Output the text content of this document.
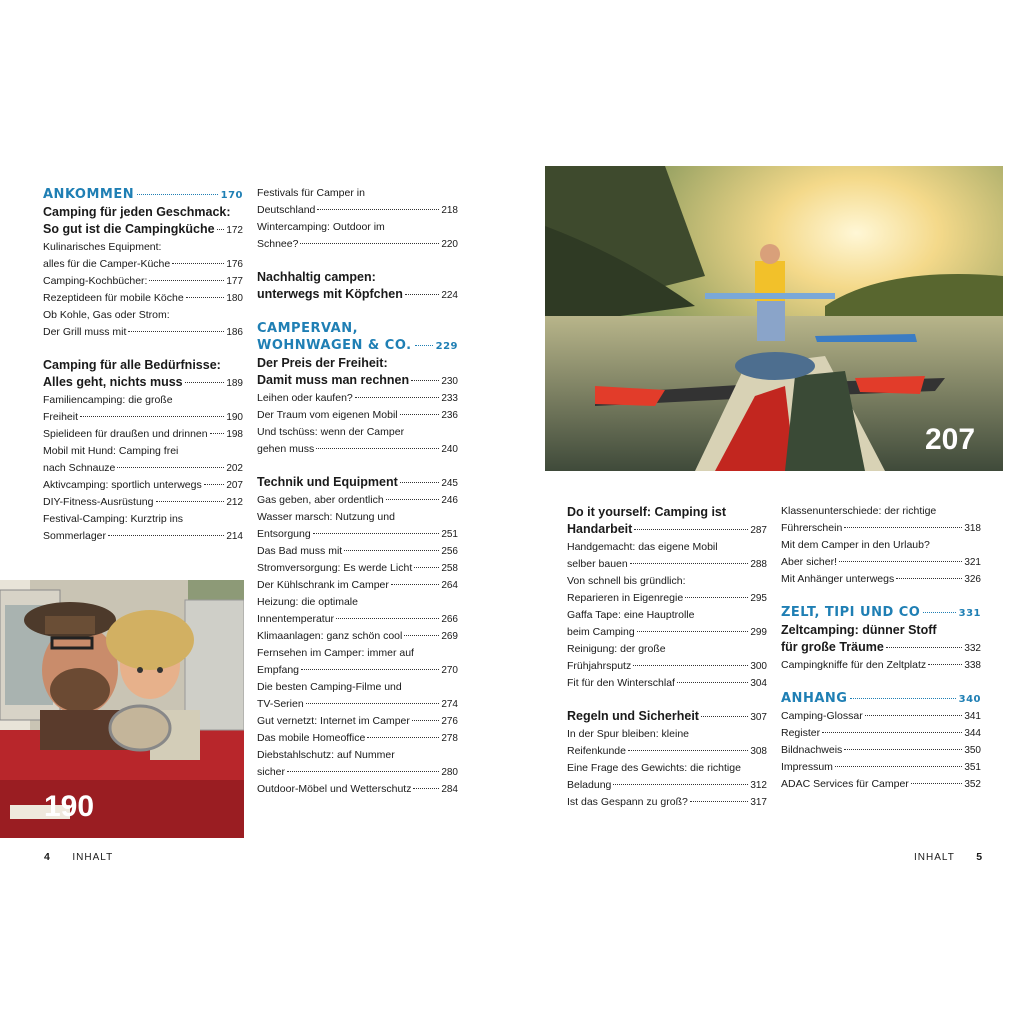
ANKOMMEN	170
Camping für jeden Geschmack:
So gut ist die Campingküche 172
Kulinarisches Equipment:
alles für die Camper-Küche	176
Camping-Kochbücher:	177
Rezeptideen für mobile Köche	180
Ob Kohle, Gas oder Strom:
Der Grill muss mit	186
Camping für alle Bedürfnisse:
Alles geht, nichts muss	189
Familiencamping: die große
Freiheit	190
Spielideen für draußen und drinnen 198
Mobil mit Hund: Camping frei
nach Schnauze	202
Aktivcamping: sportlich unterwegs 207
DIY-Fitness-Ausrüstung	212
Festival-Camping: Kurztrip ins
Sommerlager	214
Festivals für Camper in
Deutschland	218
Wintercamping: Outdoor im
Schnee?	220
Nachhaltig campen:
unterwegs mit Köpfchen	224
CAMPERVAN,
WOHNWAGEN & CO. 229
Der Preis der Freiheit:
Damit muss man rechnen	230
Leihen oder kaufen?	233
Der Traum vom eigenen Mobil	236
Und tschüss: wenn der Camper
gehen muss	240
Technik und Equipment	245
Gas geben, aber ordentlich	246
Wasser marsch: Nutzung und
Entsorgung	251
Das Bad muss mit	256
Stromversorgung: Es werde Licht	258
Der Kühlschrank im Camper	264
Heizung: die optimale
Innentemperatur	266
Klimaanlagen: ganz schön cool	269
Fernsehen im Camper: immer auf
Empfang	270
Die besten Camping-Filme und
TV-Serien	274
Gut vernetzt: Internet im Camper	276
Das mobile Homeoffice	278
Diebstahlschutz: auf Nummer
sicher	280
Outdoor-Möbel und Wetterschutz	284
Do it yourself: Camping ist
Handarbeit	287
Handgemacht: das eigene Mobil
selber bauen	288
Von schnell bis gründlich:
Reparieren in Eigenregie	295
Gaffa Tape: eine Hauptrolle
beim Camping	299
Reinigung: der große
Frühjahrsputz	300
Fit für den Winterschlaf	304
Regeln und Sicherheit	307
In der Spur bleiben: kleine
Reifenkunde	308
Eine Frage des Gewichts: die richtige
Beladung	312
Ist das Gespann zu groß?	317
Klassenunterschiede: der richtige
Führerschein	318
Mit dem Camper in den Urlaub?
Aber sicher!	321
Mit Anhänger unterwegs	326
ZELT, TIPI UND CO	331
Zeltcamping: dünner Stoff
für große Träume	332
Campingkniffe für den Zeltplatz	338
ANHANG	340
Camping-Glossar	341
Register	344
Bildnachweis	350
Impressum	351
ADAC Services für Camper	352
190
207
4 INHALT	INHALT 5
